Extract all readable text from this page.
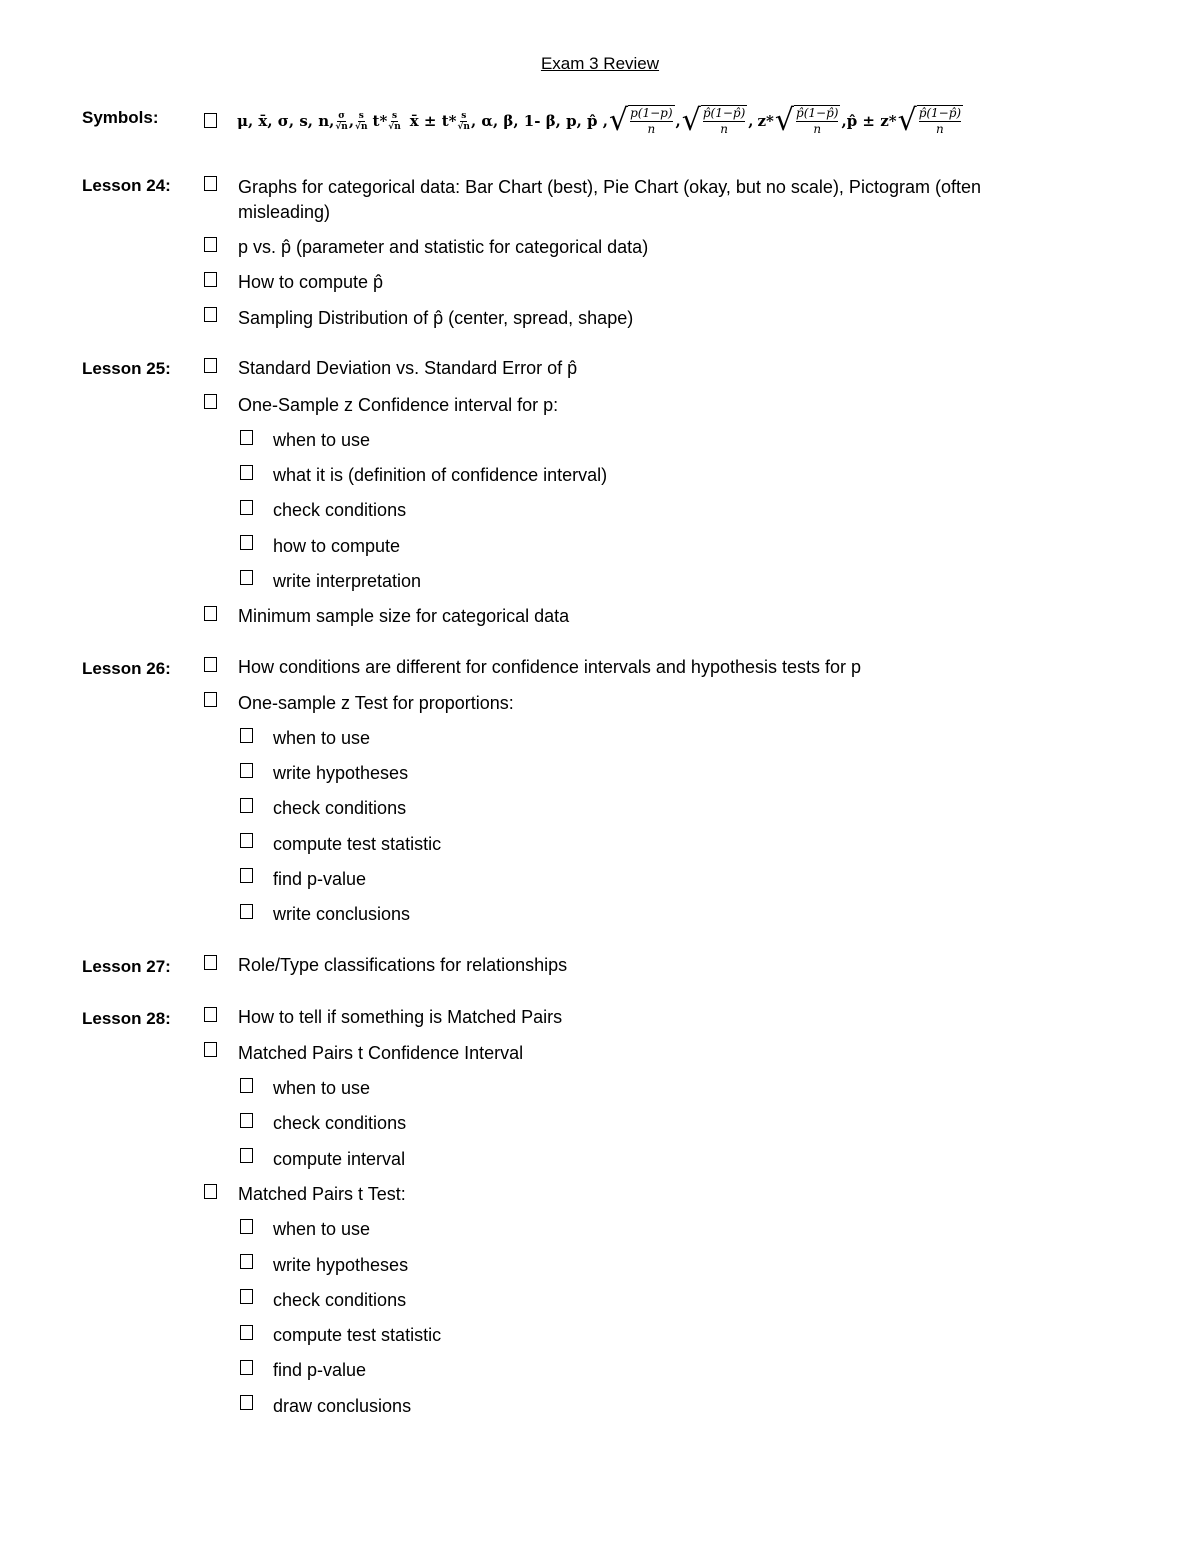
Exam 3 Review
Symbols:	μ, x̄, σ, s, n, $\frac{\sigma}{√n}$ , $\frac{s}{√n} t* \frac{s}{√n}$ x̄ ± $t* \frac{s}{√n}$ , α, β, 1- β, p, p̂ , √ p(1−p)
n	, √ p̂(1−p̂)
n	, z* √ p̂(1−p̂)
n	, p̂ ± z* √ p̂(1−p̂)
n
Lesson 24:	Graphs for categorical data: Bar Chart (best), Pie Chart (okay, but no scale), Pictogram (often misleading)
p vs. p̂ (parameter and statistic for categorical data)
How to compute p̂
Sampling Distribution of p̂ (center, spread, shape)
Lesson 25:	Standard Deviation vs. Standard Error of p̂
One-Sample z Confidence interval for p:
when to use
what it is (definition of confidence interval)
check conditions
how to compute
write interpretation
Minimum sample size for categorical data
Lesson 26:	How conditions are different for confidence intervals and hypothesis tests for p
One-sample z Test for proportions:
when to use
write hypotheses
check conditions
compute test statistic
find p-value
write conclusions
Lesson 27:	Role/Type classifications for relationships
Lesson 28:	How to tell if something is Matched Pairs
Matched Pairs t Confidence Interval
when to use
check conditions
compute interval
Matched Pairs t Test:
when to use
write hypotheses
check conditions
compute test statistic
find p-value
draw conclusions
